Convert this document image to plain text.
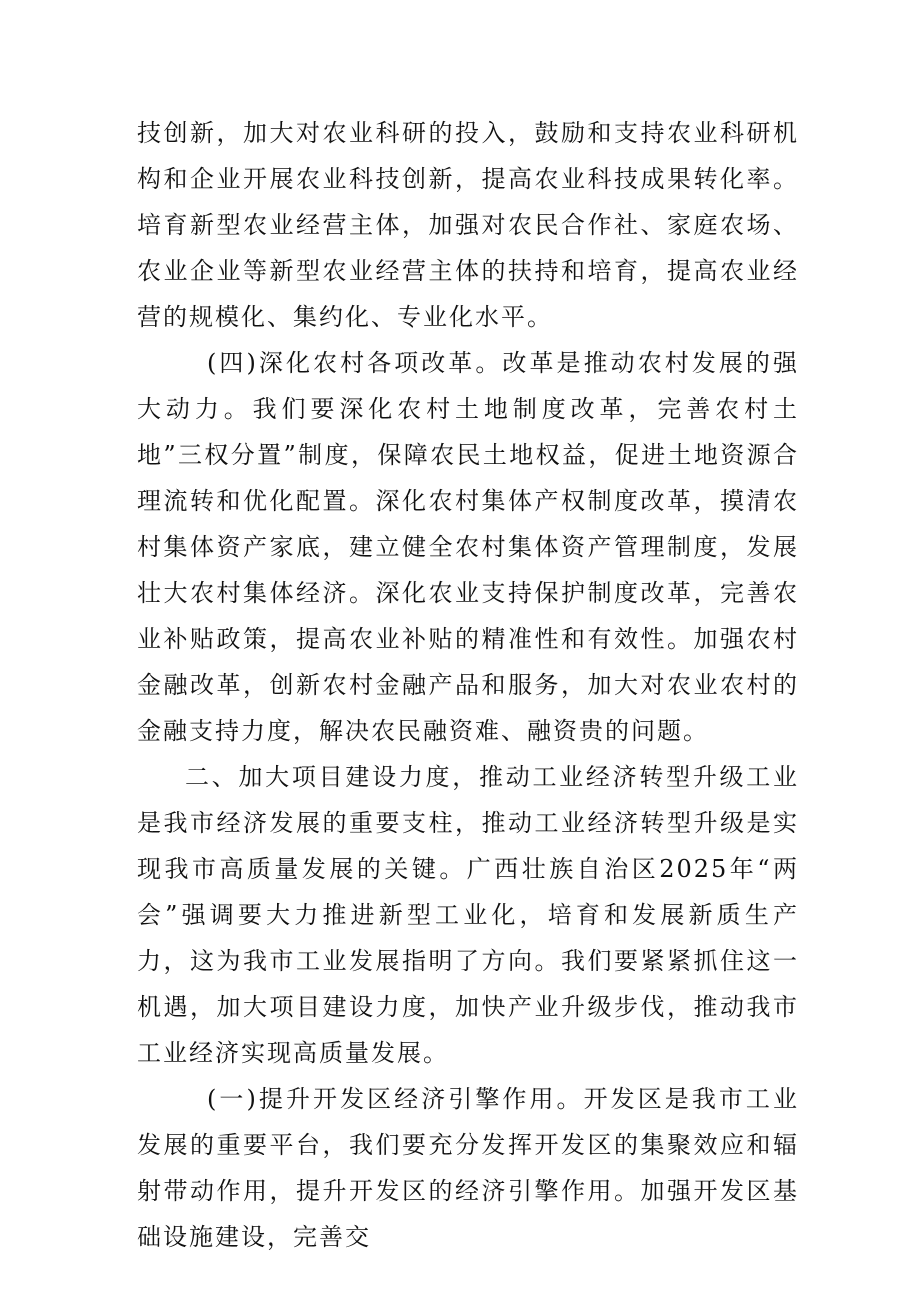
技创新，加大对农业科研的投入，鼓励和支持农业科研机构和企业开展农业科技创新，提高农业科技成果转化率。培育新型农业经营主体，加强对农民合作社、家庭农场、农业企业等新型农业经营主体的扶持和培育，提高农业经营的规模化、集约化、专业化水平。

(四)深化农村各项改革。改革是推动农村发展的强大动力。我们要深化农村土地制度改革，完善农村土地”三权分置”制度，保障农民土地权益，促进土地资源合理流转和优化配置。深化农村集体产权制度改革，摸清农村集体资产家底，建立健全农村集体资产管理制度，发展壮大农村集体经济。深化农业支持保护制度改革，完善农业补贴政策，提高农业补贴的精准性和有效性。加强农村金融改革，创新农村金融产品和服务，加大对农业农村的金融支持力度，解决农民融资难、融资贵的问题。

二、加大项目建设力度，推动工业经济转型升级工业是我市经济发展的重要支柱，推动工业经济转型升级是实现我市高质量发展的关键。广西壮族自治区2025年“两会”强调要大力推进新型工业化，培育和发展新质生产力，这为我市工业发展指明了方向。我们要紧紧抓住这一机遇，加大项目建设力度，加快产业升级步伐，推动我市工业经济实现高质量发展。

(一)提升开发区经济引擎作用。开发区是我市工业发展的重要平台，我们要充分发挥开发区的集聚效应和辐射带动作用，提升开发区的经济引擎作用。加强开发区基础设施建设，完善交
